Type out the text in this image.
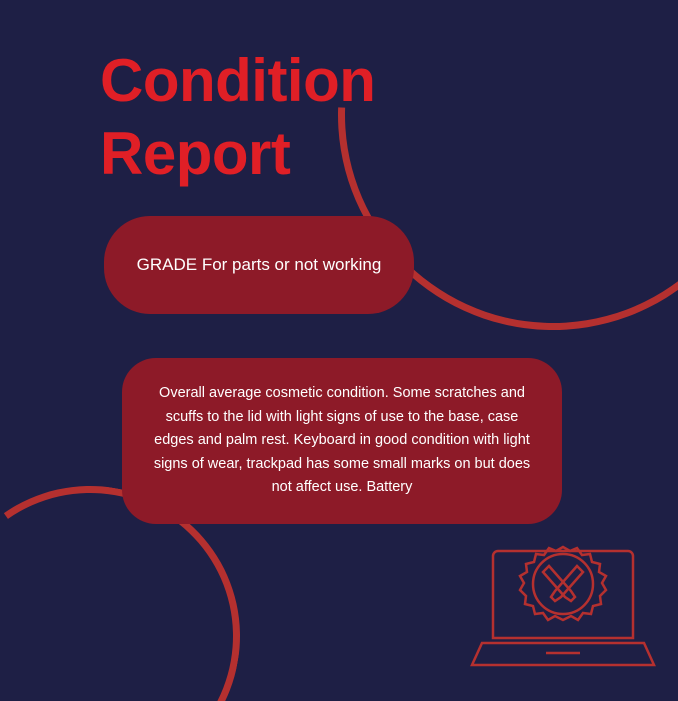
Condition Report
GRADE For parts or not working
Overall average cosmetic condition. Some scratches and scuffs to the lid with light signs of use to the base, case edges and palm rest. Keyboard in good condition with light signs of wear, trackpad has some small marks on but does not affect use. Battery
